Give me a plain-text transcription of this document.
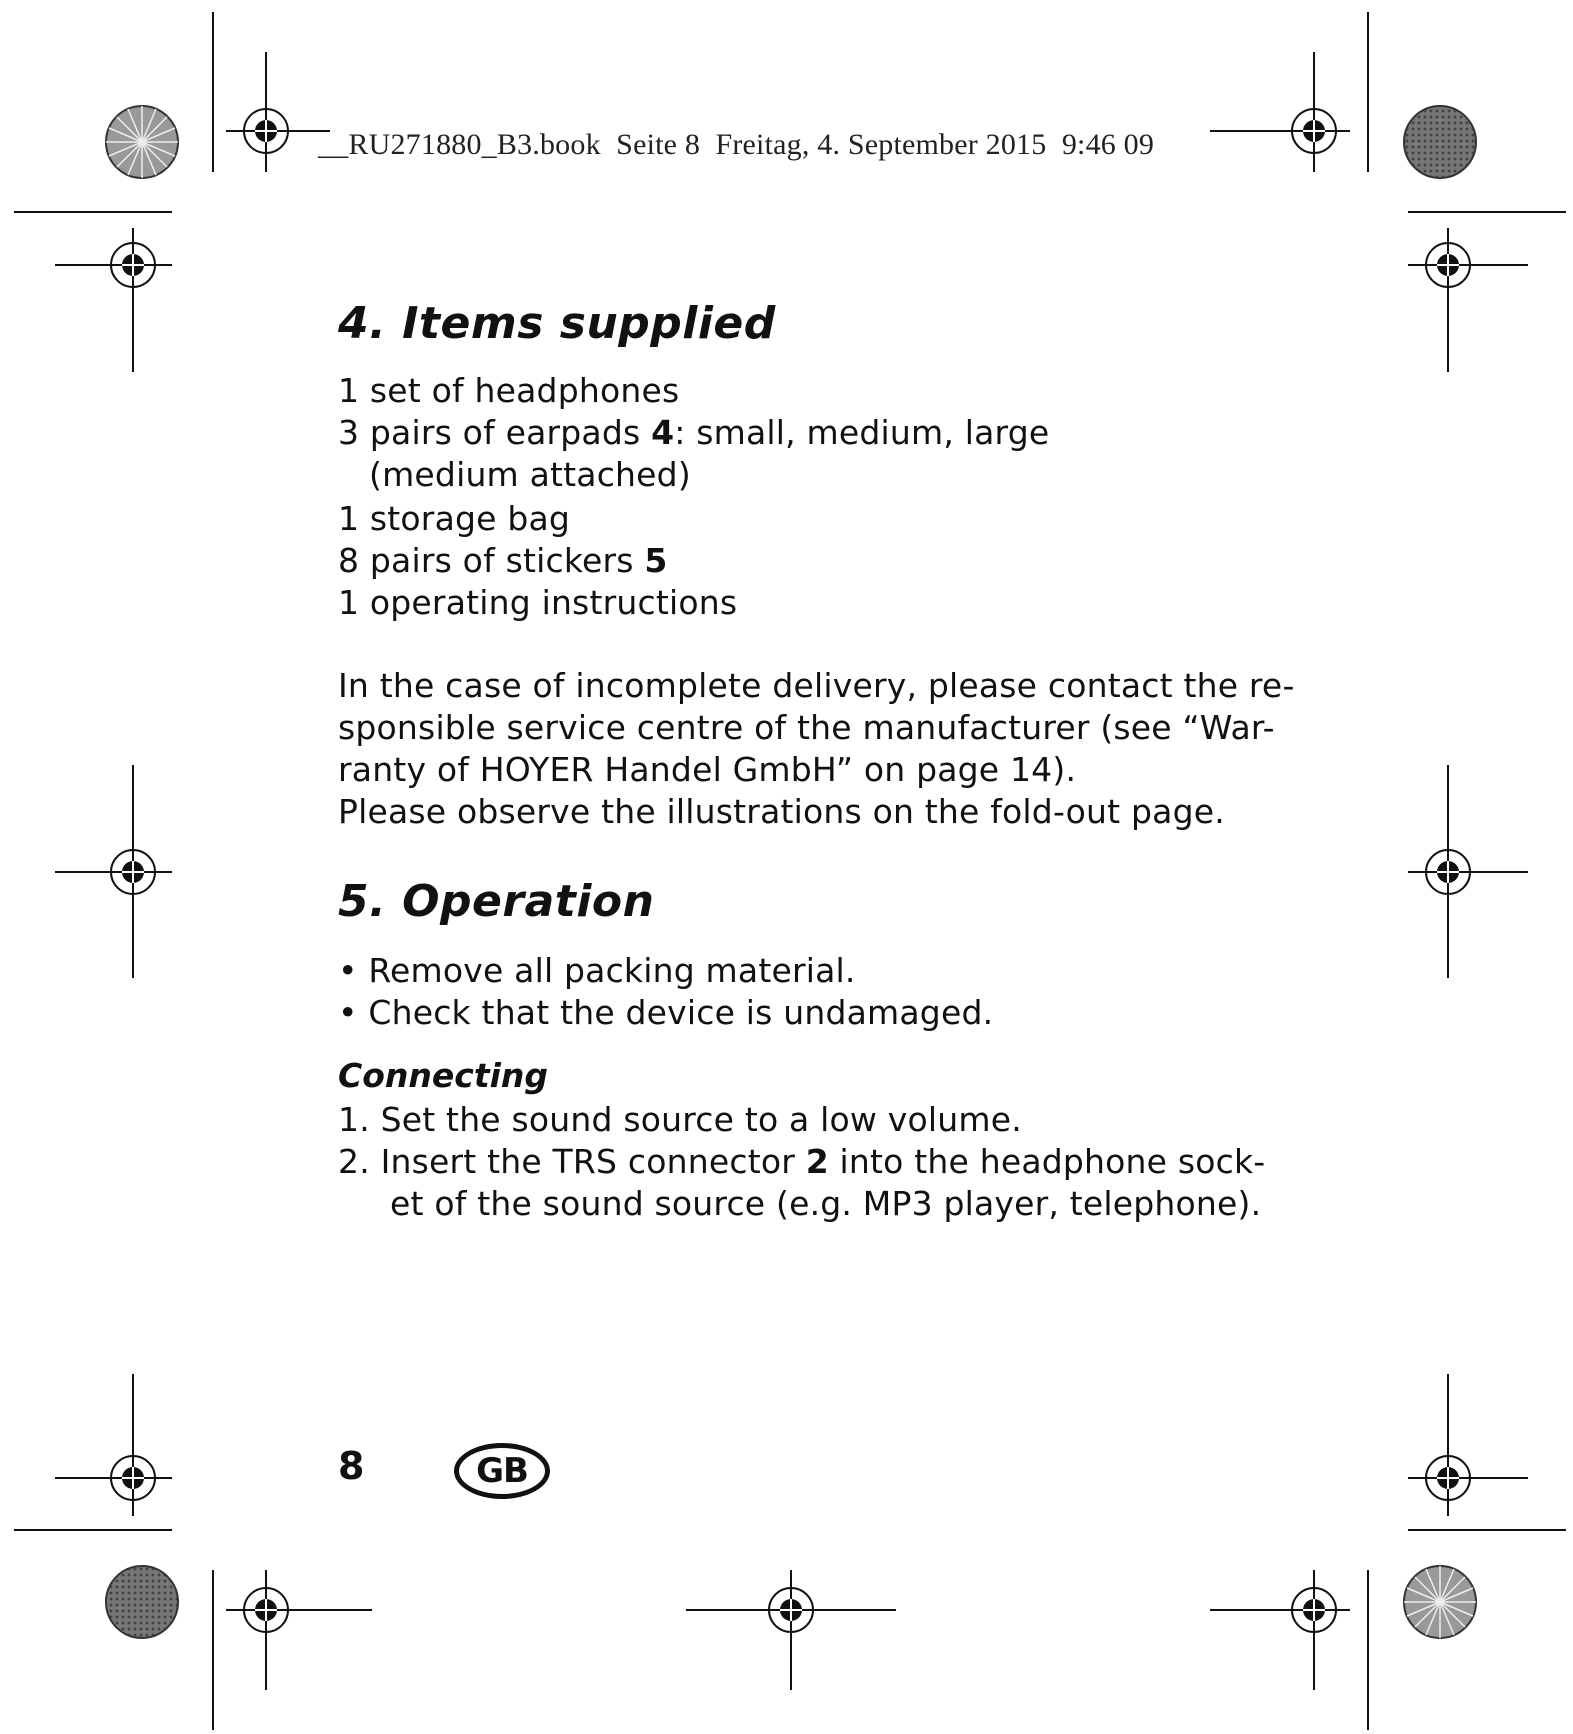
__RU271880_B3.book  Seite 8  Freitag, 4. September 2015  9:46 09
4. Items supplied
1 set of headphones
3 pairs of earpads 4: small, medium, large
(medium attached)
1 storage bag
8 pairs of stickers 5
1 operating instructions
In the case of incomplete delivery, please contact the re-
sponsible service centre of the manufacturer (see “War-
ranty of HOYER Handel GmbH” on page 14).
Please observe the illustrations on the fold-out page.
5. Operation
• Remove all packing material.
• Check that the device is undamaged.
Connecting
1. Set the sound source to a low volume.
2. Insert the TRS connector 2 into the headphone sock-
et of the sound source (e.g. MP3 player, telephone).
8	GB
